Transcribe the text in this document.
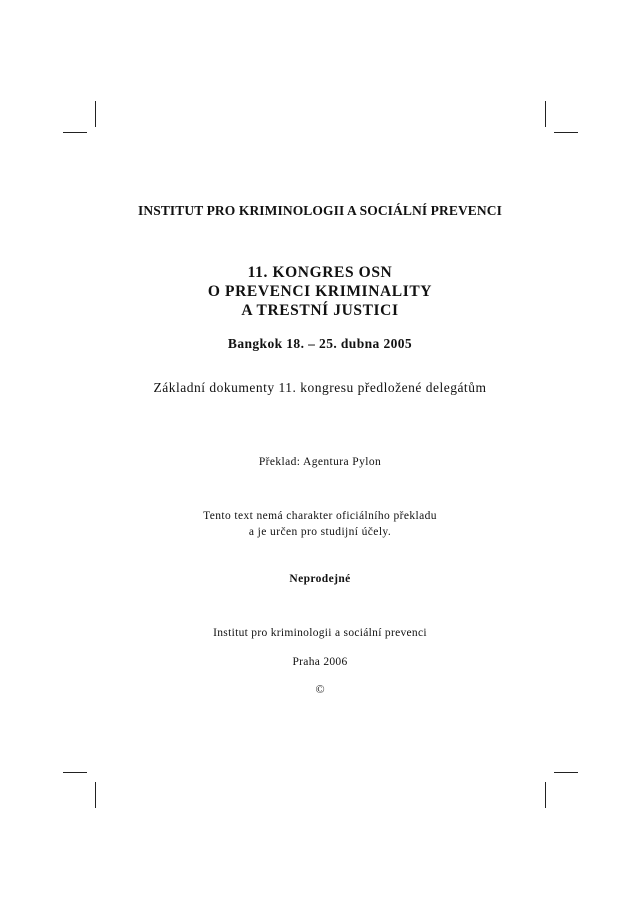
INSTITUT PRO KRIMINOLOGII A SOCIÁLNÍ PREVENCI
11. KONGRES OSN
O PREVENCI KRIMINALITY
A TRESTNÍ JUSTICI
Bangkok 18. – 25. dubna 2005
Základní dokumenty 11. kongresu předložené delegátům
Překlad: Agentura Pylon
Tento text nemá charakter oficiálního překladu
a je určen pro studijní účely.
Neprodejné
Institut pro kriminologii a sociální prevenci
Praha 2006
©
